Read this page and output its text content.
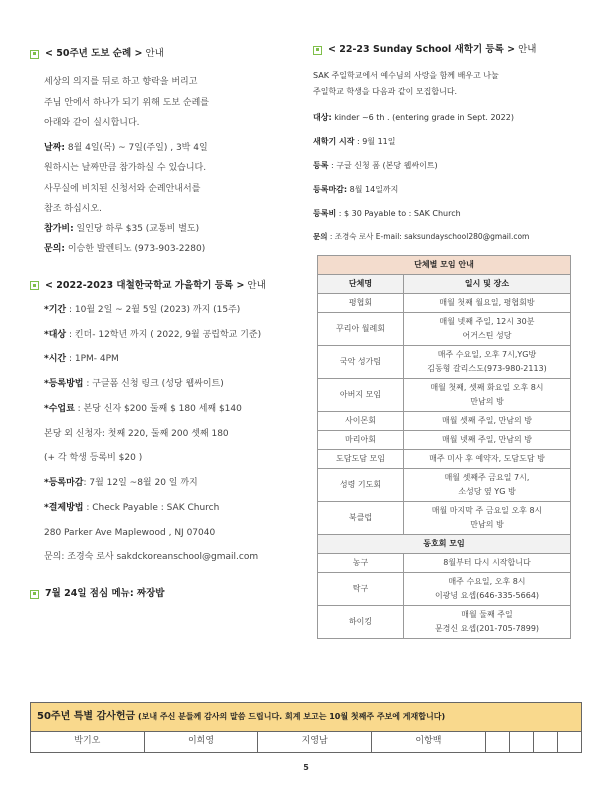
< 50주년 도보 순례 > 안내
세상의 의지를 뒤로 하고 향락을 버리고
주님 안에서 하나가 되기 위해 도보 순례를
아래와 같이 실시합니다.
날짜: 8월 4일(목) ~ 7일(주일) , 3박 4일
원하시는 날짜만큼 참가하실 수 있습니다.
사무실에 비치된 신청서와 순례안내서를
참조 하십시오.
참가비: 일인당 하루 $35 (교통비 별도)
문의: 이승한 발렌티노 (973-903-2280)
< 2022-2023 대철한국학교 가을학기 등록 > 안내
*기간 : 10월 2일 ~ 2월 5일 (2023) 까지 (15주)
*대상 : 킨더- 12학년 까지 ( 2022, 9월 공립학교 기준)
*시간 : 1PM- 4PM
*등록방법 : 구글폼 신청 링크 (성당 웹싸이트)
*수업료 : 본당 신자 $200 둘째 $ 180 세째 $140
본당 외 신청자: 첫째 220, 둘째 200 셋째 180
(+ 각 학생 등록비 $20 )
*등록마감: 7월 12일 ~8월 20 일 까지
*결제방법 : Check Payable : SAK Church
280 Parker Ave Maplewood , NJ 07040
문의: 조경숙 로사 sakdckoreanschool@gmail.com
7월 24일 점심 메뉴: 짜장밥
< 22-23 Sunday School 새학기 등록 > 안내
SAK 주일학교에서 예수님의 사랑을 함께 배우고 나눌
주일학교 학생을 다음과 같이 모집합니다.
대상: kinder ~6 th . (entering grade in Sept. 2022)
새학기 시작 : 9월 11일
등록 : 구글 신청 폼 (본당 웹싸이트)
등록마감: 8월 14일까지
등록비 : $ 30 Payable to : SAK Church
문의 : 조경숙 로사 E-mail: saksundayschool280@gmail.com
단체별 모임 안내	
단체명	일시 및 장소
평협회	매월 첫째 월요일, 평협회방

꾸리아 월례회	매월 넷째 주일, 12시 30분
어거스틴 성당

국악 성가팀	매주 수요일, 오후 7시,YG방
김동형 갈리스도(973-980-2113)

아버지 모임	매월 첫째, 셋째 화요일 오후 8시
만남의 방

사이몬회	매월 셋째 주일, 만남의 방

마리아회	매월 넷째 주일, 만남의 방

도담도담 모임	매주 미사 후 예약자, 도담도담 방

성령 기도회	매월 셋째주 금요일 7시,
소성당 옆 YG 방

북클럽	매월 마지막 주 금요일 오후 8시
만남의 방

동호회 모임	
농구	8월부터 다시 시작합니다

탁구	매주 수요일, 오후 8시
이광녕 요셉(646-335-5664)

하이킹	매월 둘째 주일
문경신 요셉(201-705-7899)
50주년 특별 감사헌금 (보내 주신 분들께 감사의 말씀 드립니다. 회계 보고는 10월 첫째주 주보에 게재합니다)
박기오	이희영	지영남	이항백				
5
